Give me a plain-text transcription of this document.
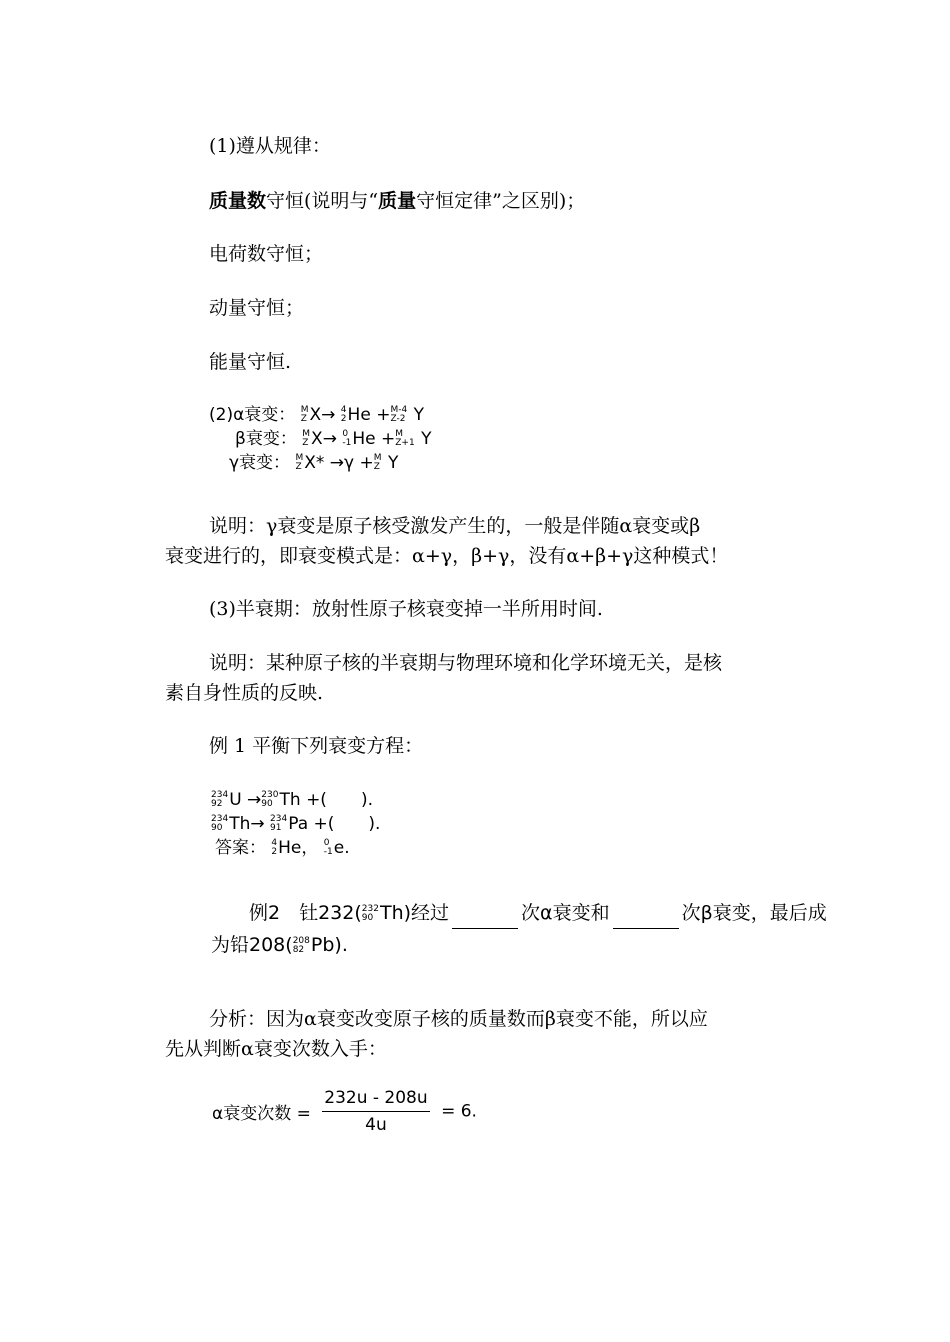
(1)遵从规律：
质量数守恒(说明与“质量守恒定律”之区别)；
电荷数守恒；
动量守恒；
能量守恒.
(2)α衰变： M
Z X→ 4
2 He + M-4
Z-2 Y
β衰变： M
Z X→ 0
-1 He + M
Z+1 Y
γ衰变： M
Z X* →γ + M
Z Y
说明：γ衰变是原子核受激发产生的，一般是伴随α衰变或β
衰变进行的，即衰变模式是：α+γ，β+γ，没有α+β+γ这种模式！
(3)半衰期：放射性原子核衰变掉一半所用时间.
说明：某种原子核的半衰期与物理环境和化学环境无关，是核
素自身性质的反映.
例 1 平衡下列衰变方程：
234
92 U → 230
90 Th +(　　).
234
90 Th→ 234
91 Pa +(　　).
答案： 4
2 He， 0
-1 e.
例2　钍232( 232
90 Th)经过	次α衰变和	次β衰变，最后成
为铅208( 208
82 Pb).
分析：因为α衰变改变原子核的质量数而β衰变不能，所以应
先从判断α衰变次数入手：
α衰变次数 = $\frac{232u - 208u}{4u} = 6$.
